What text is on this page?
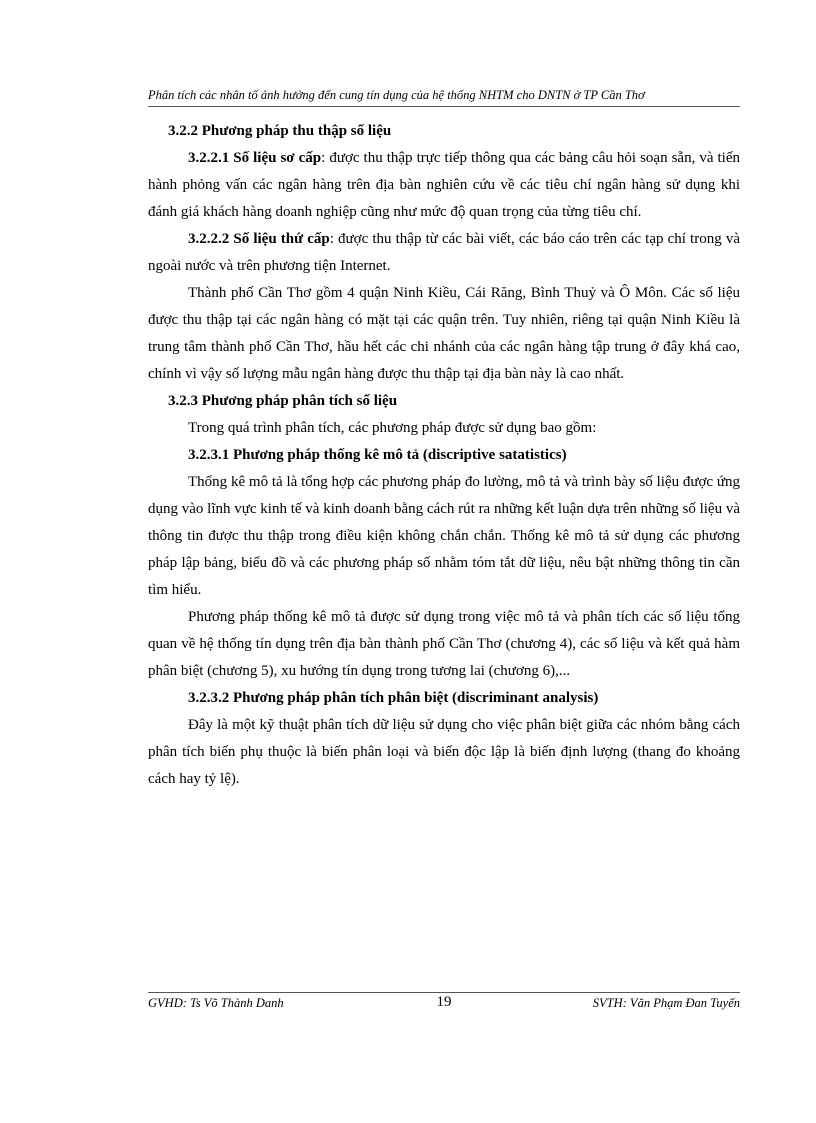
Phân tích các nhân tố ảnh hưởng đến cung tín dụng của hệ thống NHTM cho DNTN ở TP Cần Thơ

3.2.2 Phương pháp thu thập số liệu

3.2.2.1 Số liệu sơ cấp: được thu thập trực tiếp thông qua các bảng câu hỏi soạn sẵn, và tiến hành phỏng vấn các ngân hàng trên địa bàn nghiên cứu về các tiêu chí ngân hàng sử dụng khi đánh giá khách hàng doanh nghiệp cũng như mức độ quan trọng của từng tiêu chí.

3.2.2.2 Số liệu thứ cấp: được thu thập từ các bài viết, các báo cáo trên các tạp chí trong và ngoài nước và trên phương tiện Internet.

Thành phố Cần Thơ gồm 4 quận Ninh Kiều, Cái Răng, Bình Thuỷ và Ô Môn. Các số liệu được thu thập tại các ngân hàng có mặt tại các quận trên. Tuy nhiên, riêng tại quận Ninh Kiều là trung tâm thành phố Cần Thơ, hầu hết các chi nhánh của các ngân hàng tập trung ở đây khá cao, chính vì vậy số lượng mẫu ngân hàng được thu thập tại địa bàn này là cao nhất.

3.2.3 Phương pháp phân tích số liệu

Trong quá trình phân tích, các phương pháp được sử dụng bao gồm:

3.2.3.1 Phương pháp thống kê mô tả (discriptive satatistics)

Thống kê mô tả là tổng hợp các phương pháp đo lường, mô tả và trình bày số liệu được ứng dụng vào lĩnh vực kinh tế và kinh doanh bằng cách rút ra những kết luận dựa trên những số liệu và thông tin được thu thập trong điều kiện không chắn chắn. Thống kê mô tả sử dụng các phương pháp lập bảng, biểu đồ và các phương pháp số nhằm tóm tắt dữ liệu, nêu bật những thông tin cần tìm hiểu.

Phương pháp thống kê mô tả được sử dụng trong việc mô tả và phân tích các số liệu tổng quan về hệ thống tín dụng trên địa bàn thành phố Cần Thơ (chương 4), các số liệu và kết quả hàm phân biệt (chương 5), xu hướng tín dụng trong tương lai (chương 6),...

3.2.3.2 Phương pháp phân tích phân biệt (discriminant analysis)

Đây là một kỹ thuật phân tích dữ liệu sử dụng cho việc phân biệt giữa các nhóm bằng cách phân tích biến phụ thuộc là biến phân loại và biến độc lập là biến định lượng (thang đo khoảng cách hay tỷ lệ).

GVHD: Ts Võ Thành Danh	19	SVTH: Văn Phạm Đan Tuyến
